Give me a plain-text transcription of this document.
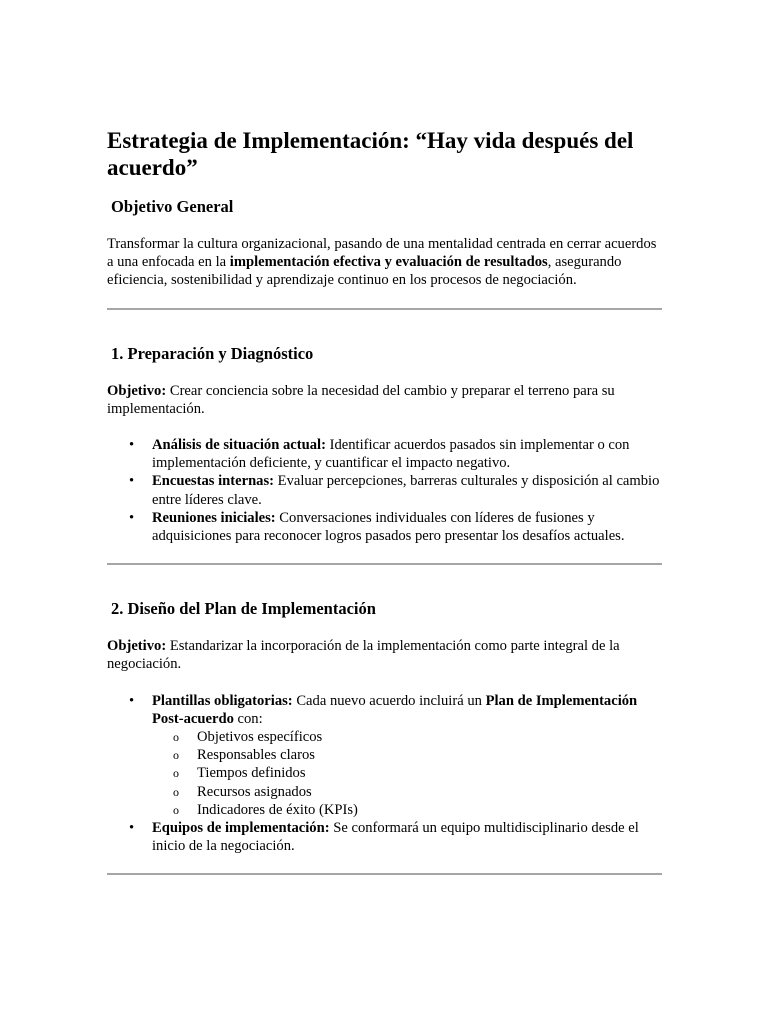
Estrategia de Implementación: “Hay vida después del acuerdo”
Objetivo General

Transformar la cultura organizacional, pasando de una mentalidad centrada en cerrar acuerdos a una enfocada en la implementación efectiva y evaluación de resultados, asegurando eficiencia, sostenibilidad y aprendizaje continuo en los procesos de negociación.

1. Preparación y Diagnóstico

Objetivo: Crear conciencia sobre la necesidad del cambio y preparar el terreno para su implementación.

• Análisis de situación actual: Identificar acuerdos pasados sin implementar o con implementación deficiente, y cuantificar el impacto negativo.
• Encuestas internas: Evaluar percepciones, barreras culturales y disposición al cambio entre líderes clave.
• Reuniones iniciales: Conversaciones individuales con líderes de fusiones y adquisiciones para reconocer logros pasados pero presentar los desafíos actuales.
2. Diseño del Plan de Implementación

Objetivo: Estandarizar la incorporación de la implementación como parte integral de la negociación.

• Plantillas obligatorias: Cada nuevo acuerdo incluirá un Plan de Implementación Post-acuerdo con:
o Objetivos específicos
o Responsables claros
o Tiempos definidos
o Recursos asignados
o Indicadores de éxito (KPIs)
• Equipos de implementación: Se conformará un equipo multidisciplinario desde el inicio de la negociación.
